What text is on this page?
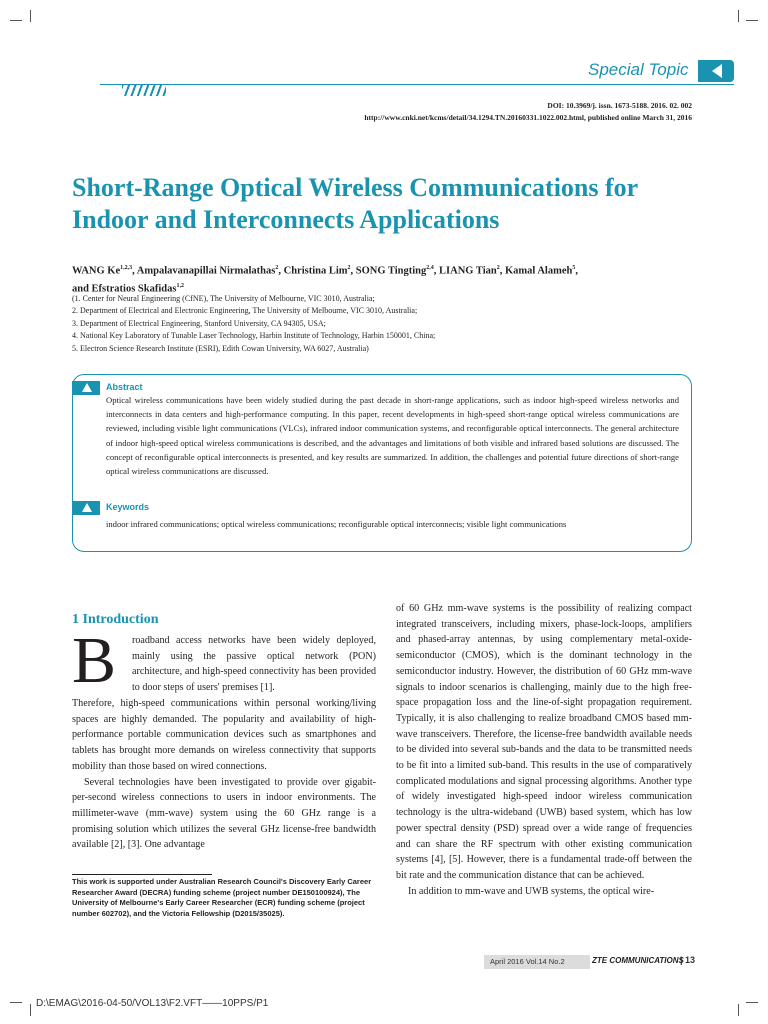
Special Topic
DOI: 10.3969/j. issn. 1673-5188. 2016. 02. 002
http://www.cnki.net/kcms/detail/34.1294.TN.20160331.1022.002.html, published online March 31, 2016
Short-Range Optical Wireless Communications for
Indoor and Interconnects Applications
WANG Ke$^{1,2,3}$, Ampalavanapillai Nirmalathas$^2$, Christina Lim$^2$, SONG Tingting$^{2,4}$, LIANG Tian$^2$, Kamal Alameh$^5$,
and Efstratios Skafidas$^{1,2}$
(1. Center for Neural Engineering (CfNE), The University of Melbourne, VIC 3010, Australia;
2. Department of Electrical and Electronic Engineering, The University of Melbourne, VIC 3010, Australia;
3. Department of Electrical Engineering, Stanford University, CA 94305, USA;
4. National Key Laboratory of Tunable Laser Technology, Harbin Institute of Technology, Harbin 150001, China;
5. Electron Science Research Institute (ESRI), Edith Cowan University, WA 6027, Australia)
Abstract
Optical wireless communications have been widely studied during the past decade in short-range applications, such as indoor high-speed wireless networks and interconnects in data centers and high-performance computing. In this paper, recent developments in high-speed short-range optical wireless communications are reviewed, including visible light communications (VLCs), infrared indoor communication systems, and reconfigurable optical interconnects. The general architecture of indoor high-speed optical wireless communications is described, and the advantages and limitations of both visible and infrared based solutions are discussed. The concept of reconfigurable optical interconnects is presented, and key results are summarized. In addition, the challenges and potential future directions of short-range optical wireless communications are discussed.
Keywords
indoor infrared communications; optical wireless communications; reconfigurable optical interconnects; visible light communications
1 Introduction
B roadband access networks have been widely deployed, mainly using the passive optical network (PON) architecture, and high-speed connectivity has been provided to door steps of users' premises [1].
Therefore, high-speed communications within personal working/living spaces are highly demanded. The popularity and availability of high-performance portable communication devices such as smartphones and tablets has brought more demands on wireless connectivity that supports mobility than those based on wired connections.
Several technologies have been investigated to provide over gigabit-per-second wireless connections to users in indoor environments. The millimeter-wave (mm-wave) system using the 60 GHz range is a promising solution which utilizes the several GHz license-free bandwidth available [2], [3]. One advantage
of 60 GHz mm-wave systems is the possibility of realizing compact integrated transceivers, including mixers, phase-lock-loops, amplifiers and phased-array antennas, by using complementary metal-oxide-semiconductor (CMOS), which is the dominant technology in the semiconductor industry. However, the distribution of 60 GHz mm-wave signals to indoor scenarios is challenging, mainly due to the high free-space propagation loss and the line-of-sight propagation requirement. Typically, it is also challenging to realize broadband CMOS based mm-wave transceivers. Therefore, the license-free bandwidth available needs to be divided into several sub-bands and the data to be transmitted needs to be fit into a limited sub-band. This results in the use of comparatively complicated modulations and signal processing algorithms. Another type of widely investigated high-speed indoor wireless communication technology is the ultra-wideband (UWB) based system, which has low power spectral density (PSD) spread over a wide range of frequencies and can share the RF spectrum with other existing communication systems [4], [5]. However, there is a fundamental trade-off between the bit rate and the communication distance that can be achieved.
In addition to mm-wave and UWB systems, the optical wire-
This work is supported under Australian Research Council's Discovery Early Career Researcher Award (DECRA) funding scheme (project number DE150100924), The University of Melbourne's Early Career Researcher (ECR) funding scheme (project number 602702), and the Victoria Fellowship (D2015/35025).
April 2016 Vol.14 No.2	ZTE COMMUNICATIONS
| 13
D:\EMAG\2016-04-50/VOL13\F2.VFT——10PPS/P1
